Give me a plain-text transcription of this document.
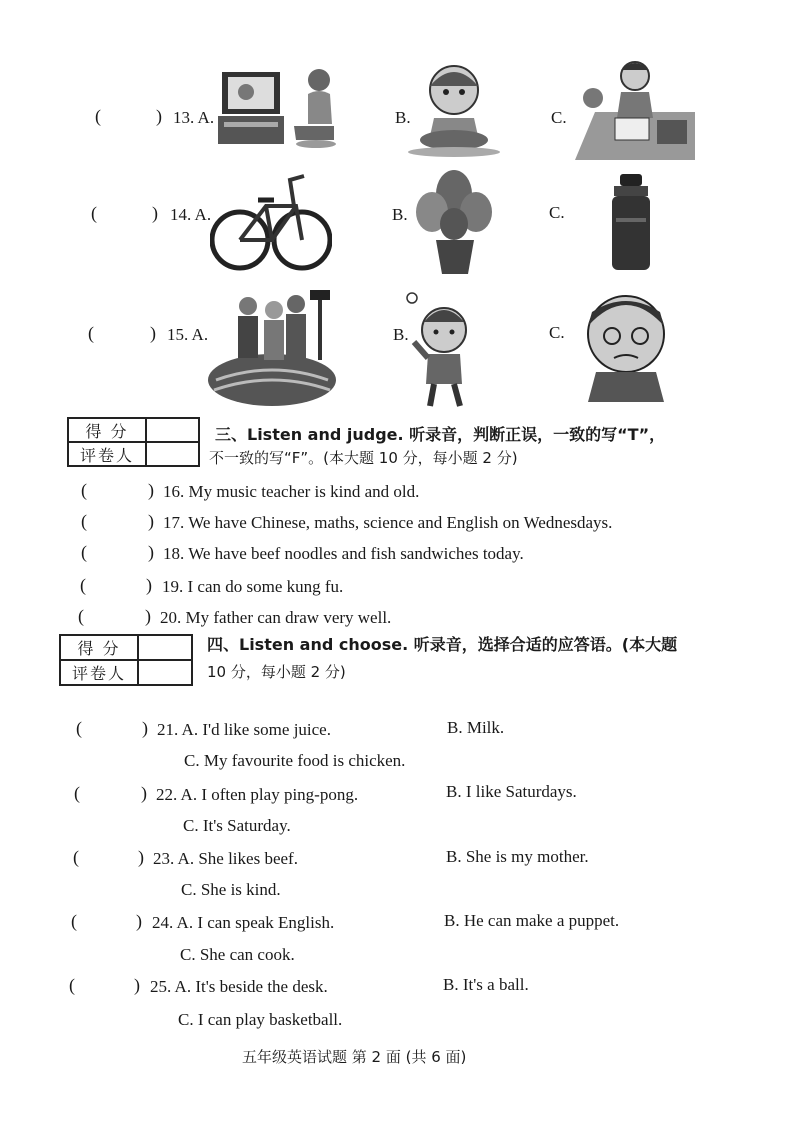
(	) 13. A.	B.	C.
(	) 14. A.	B.	C.
(	) 15. A.	B.	C.
得 分
评卷人
三、Listen and judge. 听录音，判断正误，一致的写“T”，
不一致的写“F”。(本大题 10 分，每小题 2 分)
(	) 16. My music teacher is kind and old.
(	) 17. We have Chinese, maths, science and English on Wednesdays.
(	) 18. We have beef noodles and fish sandwiches today.
(	) 19. I can do some kung fu.
(	) 20. My father can draw very well.
得 分
评卷人
四、Listen and choose. 听录音，选择合适的应答语。(本大题
10 分，每小题 2 分)
(	) 21. A. I'd like some juice.	B. Milk.
C. My favourite food is chicken.
(	) 22. A. I often play ping-pong.	B. I like Saturdays.
C. It's Saturday.
(	) 23. A. She likes beef.	B. She is my mother.
C. She is kind.
(	) 24. A. I can speak English.	B. He can make a puppet.
C. She can cook.
(	) 25. A. It's beside the desk.	B. It's a ball.
C. I can play basketball.
五年级英语试题 第 2 面 (共 6 面)
